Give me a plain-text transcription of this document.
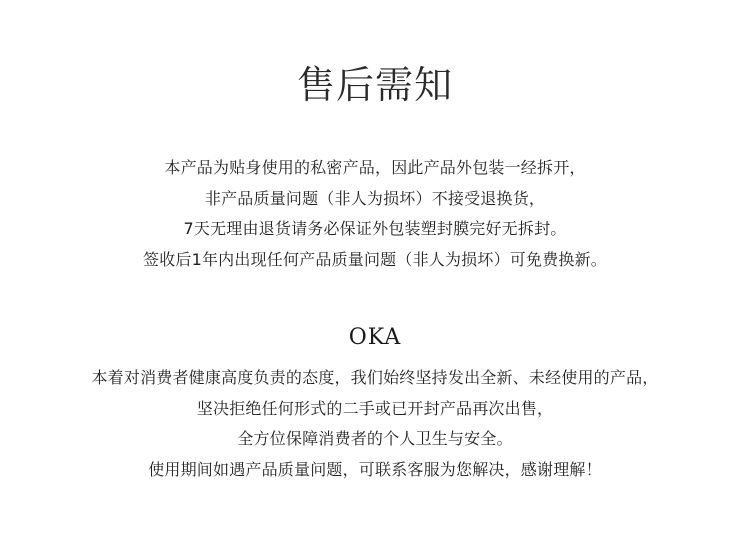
售后需知
本产品为贴身使用的私密产品，因此产品外包装一经拆开，
非产品质量问题（非人为损坏）不接受退换货，
7天无理由退货请务必保证外包装塑封膜完好无拆封。
签收后1年内出现任何产品质量问题（非人为损坏）可免费换新。
OKA
本着对消费者健康高度负责的态度，我们始终坚持发出全新、未经使用的产品，
坚决拒绝任何形式的二手或已开封产品再次出售，
全方位保障消费者的个人卫生与安全。
使用期间如遇产品质量问题，可联系客服为您解决，感谢理解！
